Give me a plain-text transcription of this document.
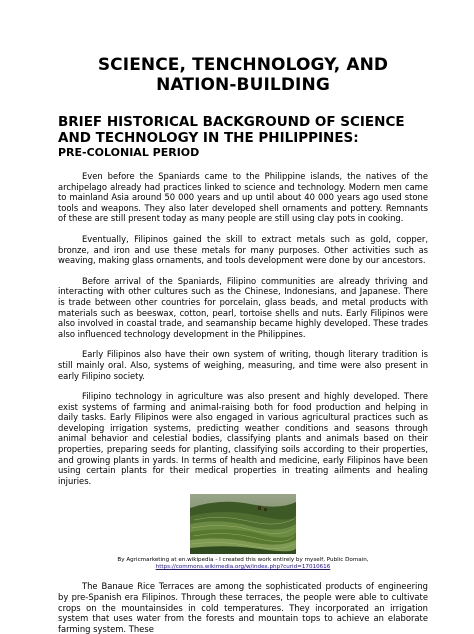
SCIENCE, TENCHNOLOGY, AND NATION-BUILDING
BRIEF HISTORICAL BACKGROUND OF SCIENCE AND TECHNOLOGY IN THE PHILIPPINES:
PRE-COLONIAL PERIOD

Even before the Spaniards came to the Philippine islands, the natives of the archipelago already had practices linked to science and technology. Modern men came to mainland Asia around 50 000 years and up until about 40 000 years ago used stone tools and weapons. They also later developed shell ornaments and pottery. Remnants of these are still present today as many people are still using clay pots in cooking.

Eventually, Filipinos gained the skill to extract metals such as gold, copper, bronze, and iron and use these metals for many purposes. Other activities such as weaving, making glass ornaments, and tools development were done by our ancestors.

Before arrival of the Spaniards, Filipino communities are already thriving and interacting with other cultures such as the Chinese, Indonesians, and Japanese. There is trade between other countries for porcelain, glass beads, and metal products with materials such as beeswax, cotton, pearl, tortoise shells and nuts. Early Filipinos were also involved in coastal trade, and seamanship became highly developed. These trades also influenced technology development in the Philippines.

Early Filipinos also have their own system of writing, though literary tradition is still mainly oral. Also, systems of weighing, measuring, and time were also present in early Filipino society.

Filipino technology in agriculture was also present and highly developed. There exist systems of farming and animal-raising both for food production and helping in daily tasks. Early Filipinos were also engaged in various agricultural practices such as developing irrigation systems, predicting weather conditions and seasons through animal behavior and celestial bodies, classifying plants and animals based on their properties, preparing seeds for planting, classifying soils according to their properties, and growing plants in yards. In terms of health and medicine, early Filipinos have been using certain plants for their medical properties in treating ailments and healing injuries.

By Agricmarketing at en.wikipedia - I created this work entirely by myself, Public Domain,
https://commons.wikimedia.org/w/index.php?curid=17010616

The Banaue Rice Terraces are among the sophisticated products of engineering by pre-Spanish era Filipinos. Through these terraces, the people were able to cultivate crops on the mountainsides in cold temperatures. They incorporated an irrigation system that uses water from the forests and mountain tops to achieve an elaborate farming system. These
